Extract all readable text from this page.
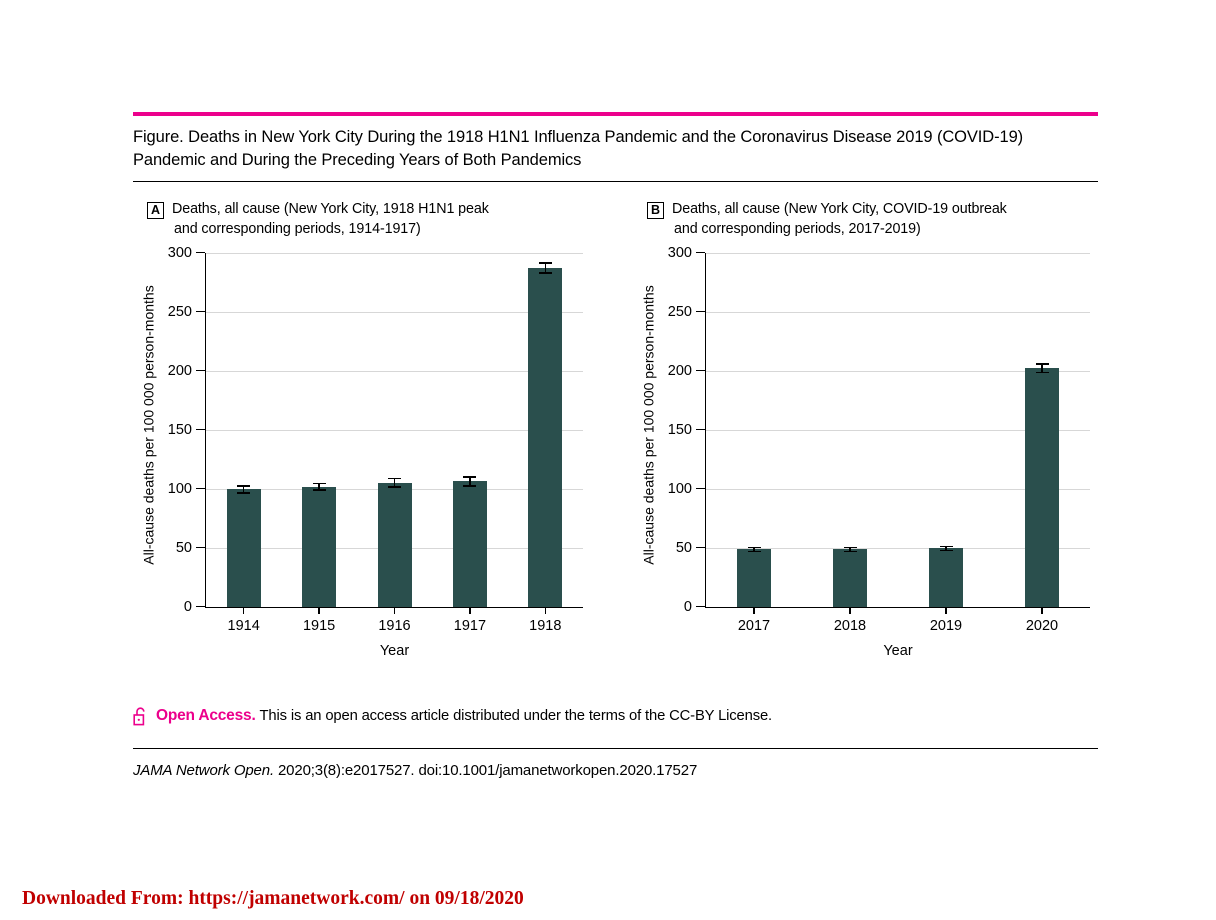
Figure. Deaths in New York City During the 1918 H1N1 Influenza Pandemic and the Coronavirus Disease 2019 (COVID-19) Pandemic and During the Preceding Years of Both Pandemics
A Deaths, all cause (New York City, 1918 H1N1 peak
and corresponding periods, 1914-1917)
All-cause deaths per 100 000 person-months
0
50
100
150
200
250
300
1914	1915	1916	1917	1918
Year
B Deaths, all cause (New York City, COVID-19 outbreak
and corresponding periods, 2017-2019)
All-cause deaths per 100 000 person-months
0
50
100
150
200
250
300
2017	2018	2019	2020
Year
Open Access. This is an open access article distributed under the terms of the CC-BY License.
JAMA Network Open. 2020;3(8):e2017527. doi:10.1001/jamanetworkopen.2020.17527
Downloaded From: https://jamanetwork.com/ on 09/18/2020
